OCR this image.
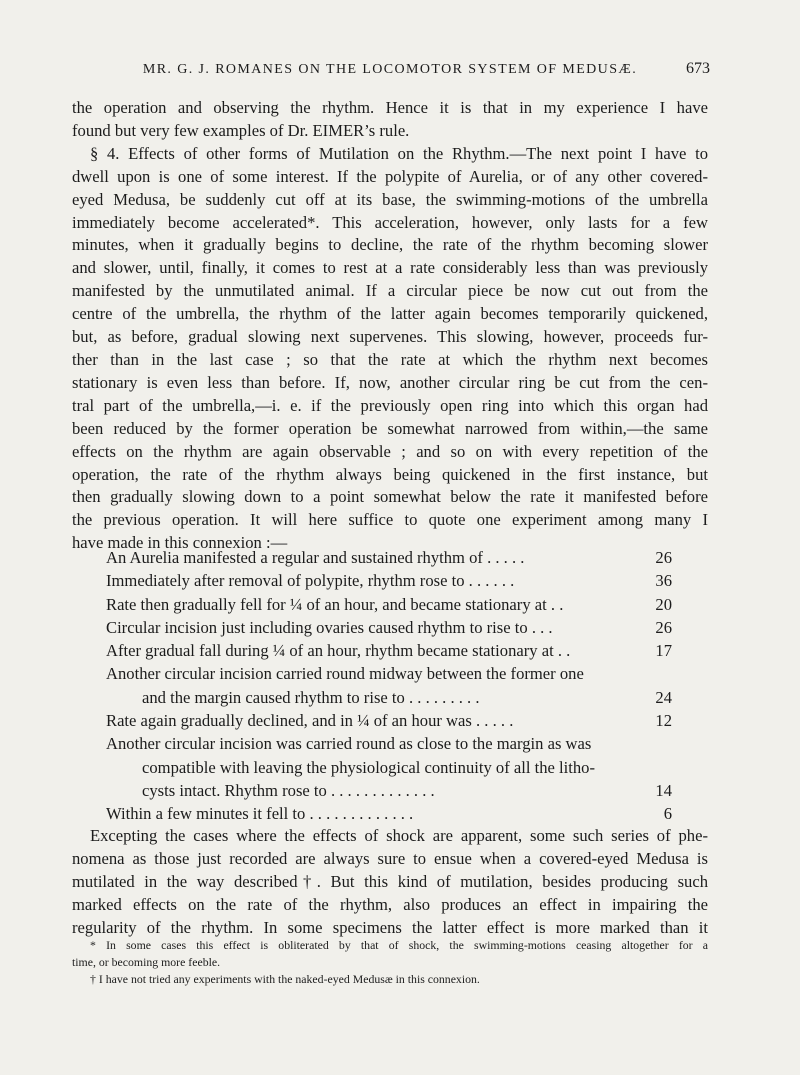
MR. G. J. ROMANES ON THE LOCOMOTOR SYSTEM OF MEDUSÆ.	673
the operation and observing the rhythm. Hence it is that in my experience I have
found but very few examples of Dr. EIMER’s rule.
§ 4. Effects of other forms of Mutilation on the Rhythm.—The next point I have to
dwell upon is one of some interest. If the polypite of Aurelia, or of any other covered-
eyed Medusa, be suddenly cut off at its base, the swimming-motions of the umbrella
immediately become accelerated*. This acceleration, however, only lasts for a few
minutes, when it gradually begins to decline, the rate of the rhythm becoming slower
and slower, until, finally, it comes to rest at a rate considerably less than was previously
manifested by the unmutilated animal. If a circular piece be now cut out from the
centre of the umbrella, the rhythm of the latter again becomes temporarily quickened,
but, as before, gradual slowing next supervenes. This slowing, however, proceeds fur-
ther than in the last case ; so that the rate at which the rhythm next becomes
stationary is even less than before. If, now, another circular ring be cut from the cen-
tral part of the umbrella,—i. e. if the previously open ring into which this organ had
been reduced by the former operation be somewhat narrowed from within,—the same
effects on the rhythm are again observable ; and so on with every repetition of the
operation, the rate of the rhythm always being quickened in the first instance, but
then gradually slowing down to a point somewhat below the rate it manifested before
the previous operation. It will here suffice to quote one experiment among many I
have made in this connexion :—
An Aurelia manifested a regular and sustained rhythm of . . . . .	26
Immediately after removal of polypite, rhythm rose to . . . . . .	36
Rate then gradually fell for ¼ of an hour, and became stationary at . .	20
Circular incision just including ovaries caused rhythm to rise to . . .	26
After gradual fall during ¼ of an hour, rhythm became stationary at . .	17
Another circular incision carried round midway between the former one
and the margin caused rhythm to rise to . . . . . . . . .	24
Rate again gradually declined, and in ¼ of an hour was . . . . .	12
Another circular incision was carried round as close to the margin as was
compatible with leaving the physiological continuity of all the litho-
cysts intact. Rhythm rose to . . . . . . . . . . . . .	14
Within a few minutes it fell to . . . . . . . . . . . . .	6
Excepting the cases where the effects of shock are apparent, some such series of phe-
nomena as those just recorded are always sure to ensue when a covered-eyed Medusa is
mutilated in the way described†. But this kind of mutilation, besides producing such
marked effects on the rate of the rhythm, also produces an effect in impairing the
regularity of the rhythm. In some specimens the latter effect is more marked than it
* In some cases this effect is obliterated by that of shock, the swimming-motions ceasing altogether for a
time, or becoming more feeble.
† I have not tried any experiments with the naked-eyed Medusæ in this connexion.
